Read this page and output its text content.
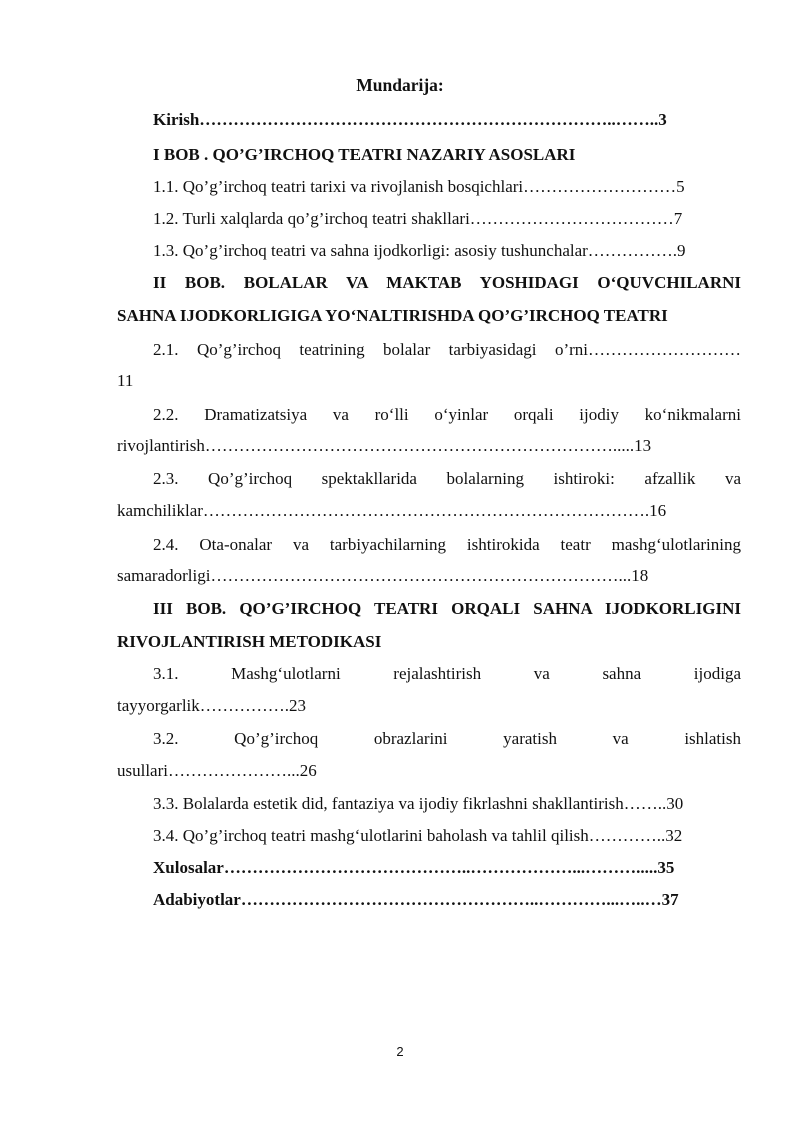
Mundarija:
Kirish………………………………………………………………..……..3
I BOB . QO’G’IRCHOQ TEATRI NAZARIY ASOSLARI
1.1. Qo’g’irchoq teatri tarixi va rivojlanish bosqichlari………………………5
1.2. Turli xalqlarda qo’g’irchoq teatri shakllari………………………………7
1.3. Qo’g’irchoq teatri va sahna ijodkorligi: asosiy tushunchalar…………….9
II BOB. BOLALAR VA MAKTAB YOSHIDAGI O‘QUVCHILARNI
SAHNA IJODKORLIGIGA YO‘NALTIRISHDA QO’G’IRCHOQ TEATRI
2.1. Qo’g’irchoq teatrining bolalar tarbiyasidagi o’rni………………………
11
2.2. Dramatizatsiya va ro‘lli o‘yinlar orqali ijodiy ko‘nikmalarni
rivojlantirish……………………………………………………………….....13
2.3. Qo’g’irchoq spektakllarida bolalarning ishtiroki: afzallik va
kamchiliklar…………………………………………………………………….16
2.4. Ota-onalar va tarbiyachilarning ishtirokida teatr mashg‘ulotlarining
samaradorligi………………………………………………………………...18
III BOB. QO’G’IRCHOQ TEATRI ORQALI SAHNA IJODKORLIGINI
RIVOJLANTIRISH METODIKASI
3.1. Mashg‘ulotlarni rejalashtirish va sahna ijodiga
tayyorgarlik…………….23
3.2. Qo’g’irchoq obrazlarini yaratish va ishlatish
usullari…………………...26
3.3. Bolalarda estetik did, fantaziya va ijodiy fikrlashni shakllantirish……..30
3.4. Qo’g’irchoq teatri mashg‘ulotlarini baholash va tahlil qilish…………..32
Xulosalar……………………………………..………………...……….....35
Adabiyotlar……………………………………………..…………...…..…37
2
